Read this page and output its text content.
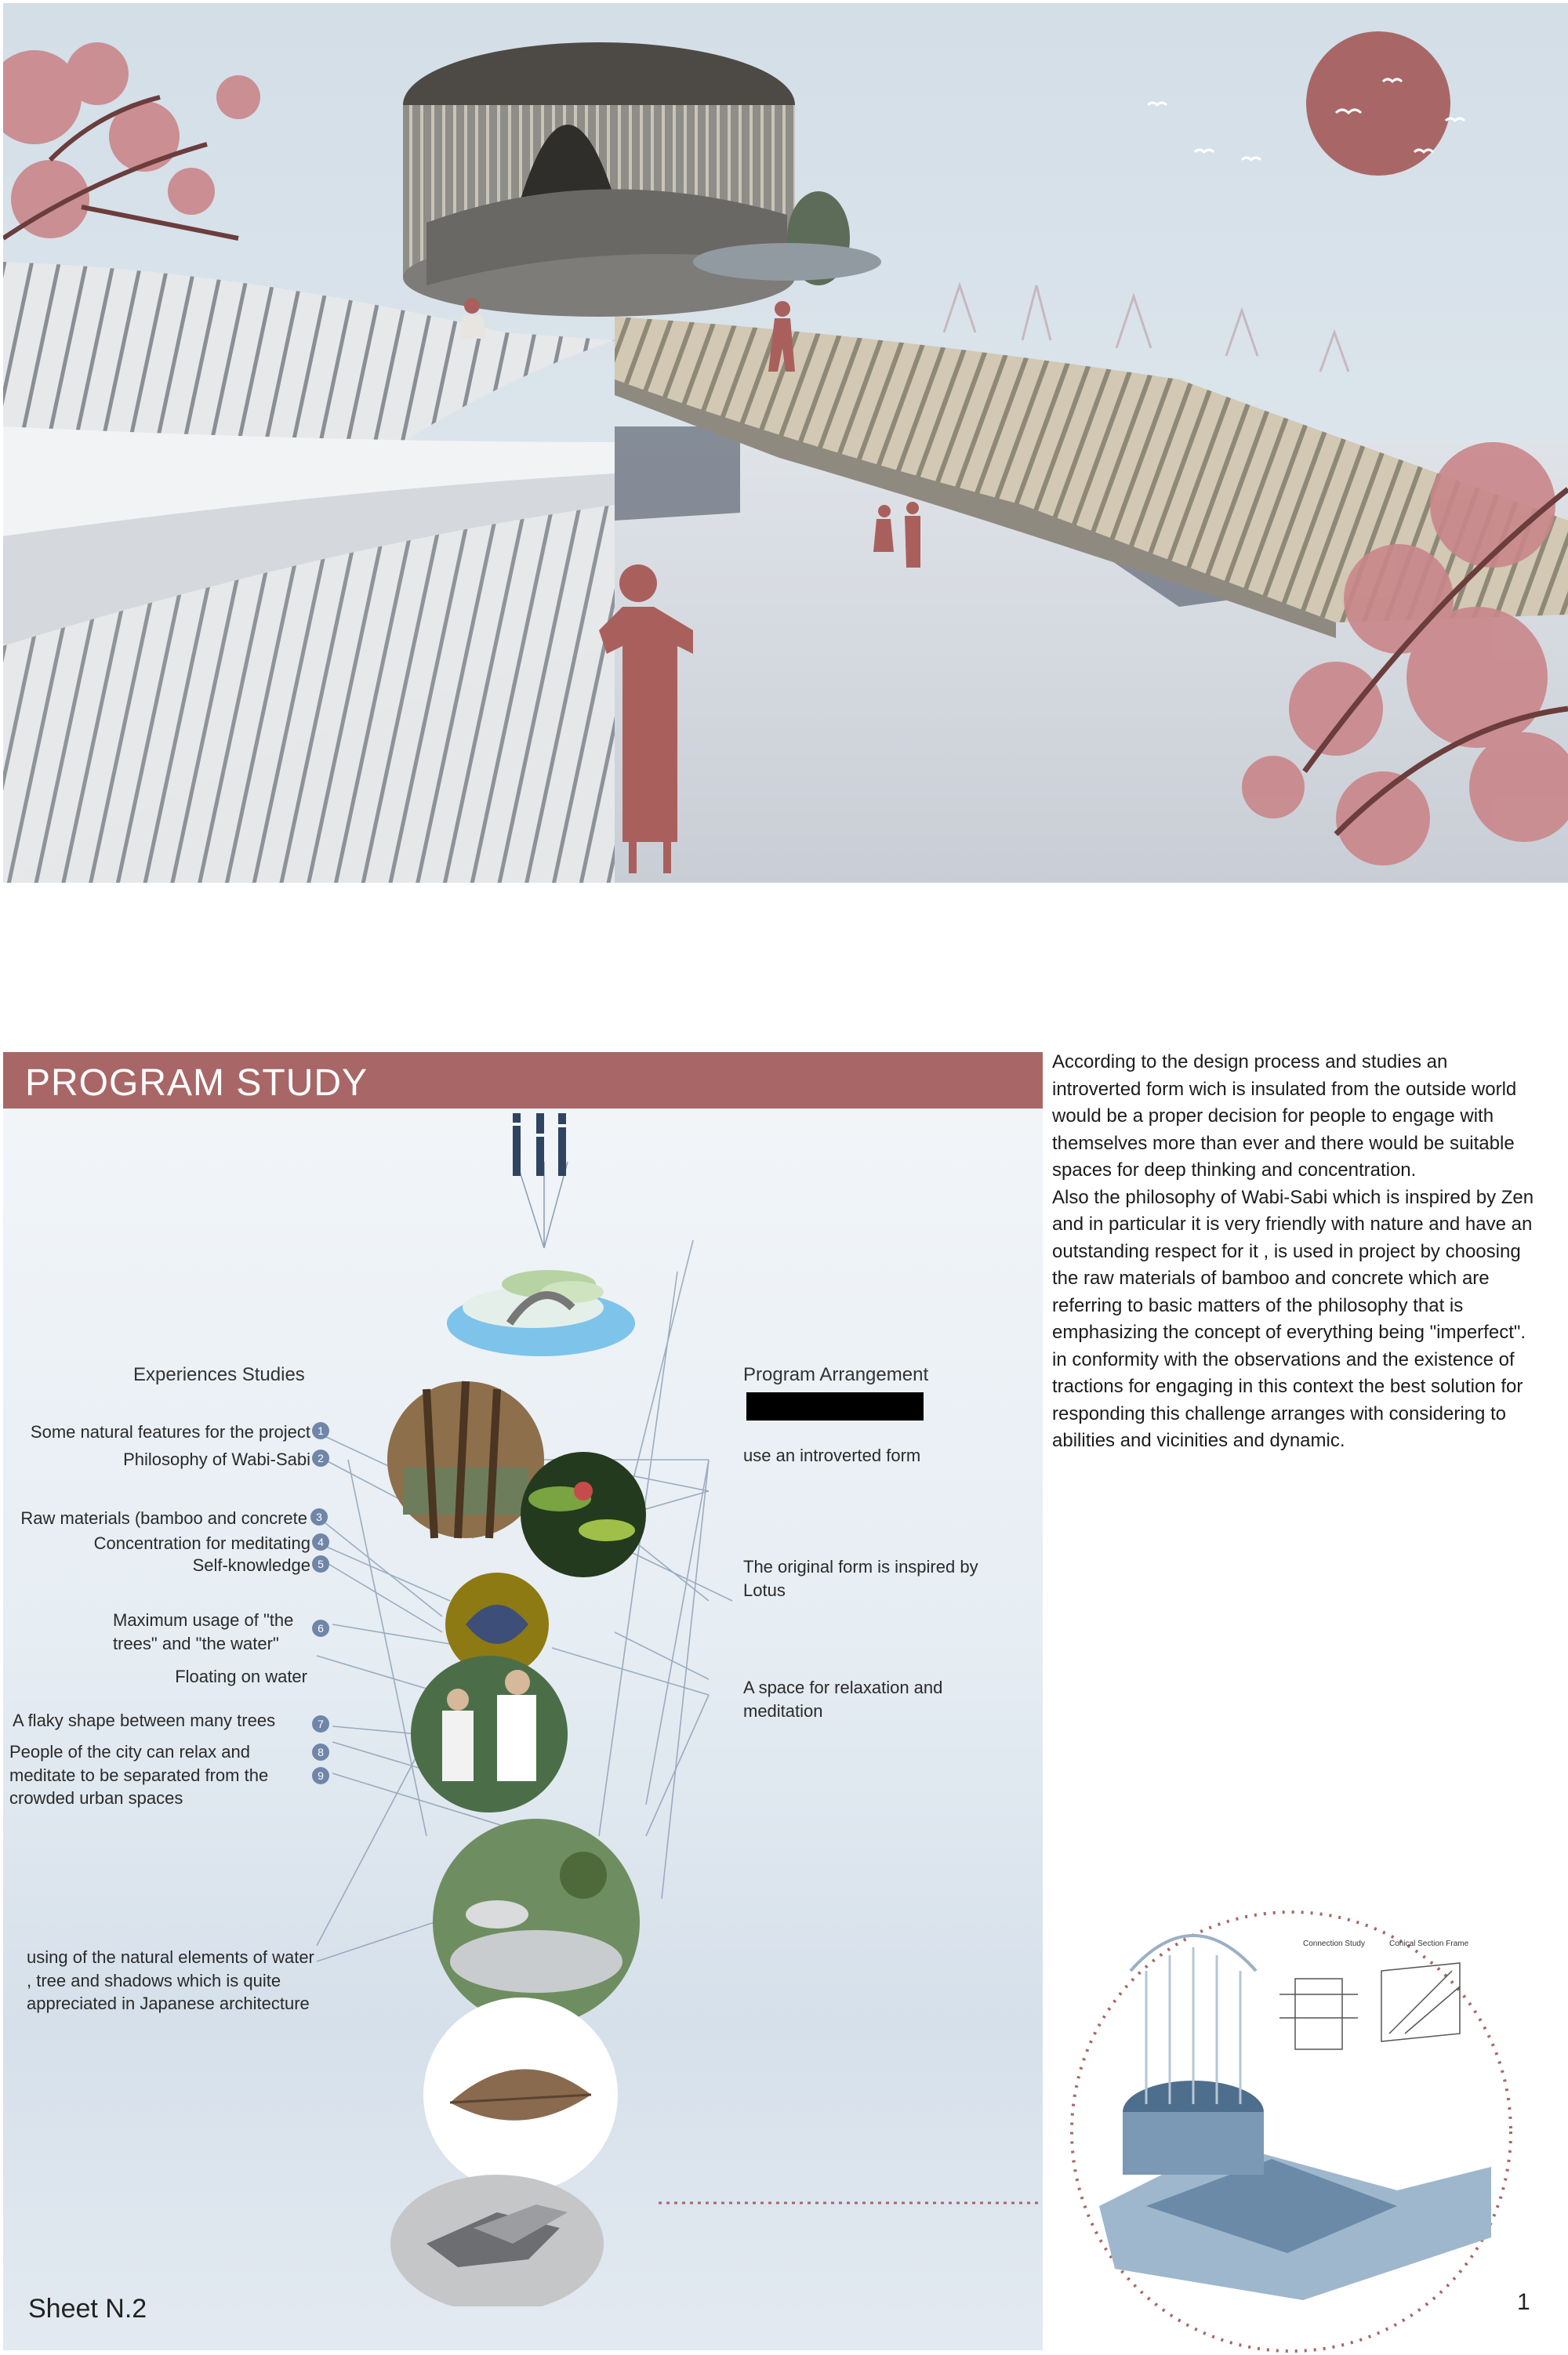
PROGRAM STUDY
Experiences Studies	Program Arrangement
Some natural features for the project 1
Philosophy of Wabi-Sabi 2
Raw materials (bamboo and concrete 3
Concentration for meditating 4
Self-knowledge 5
Maximum usage of "the trees" and "the water"
6
Floating on water
A flaky shape between many trees	7
People of the city can relax and meditate to be separated from the crowded urban spaces
8
9
using of the natural elements of water , tree and shadows which is quite appreciated in Japanese architecture
use an introverted form
The original form is inspired by Lotus
A space for relaxation and meditation
Sheet N.2

According to the design process and studies an introverted form wich is insulated from the outside world would be a proper decision for people to engage with themselves more than ever and there would be suitable spaces for deep thinking and concentration.

Also the philosophy of Wabi-Sabi which is inspired by Zen and in particular it is very friendly with nature and have an outstanding respect for it , is used in project by choosing the raw materials of bamboo and concrete which are referring to basic matters of the philosophy that is emphasizing the concept of everything being "imperfect". in conformity with the observations and the existence of tractions for engaging in this context the best solution for responding this challenge arranges with considering to abilities and vicinities and dynamic.

Connection Study	Conical Section Frame
1
